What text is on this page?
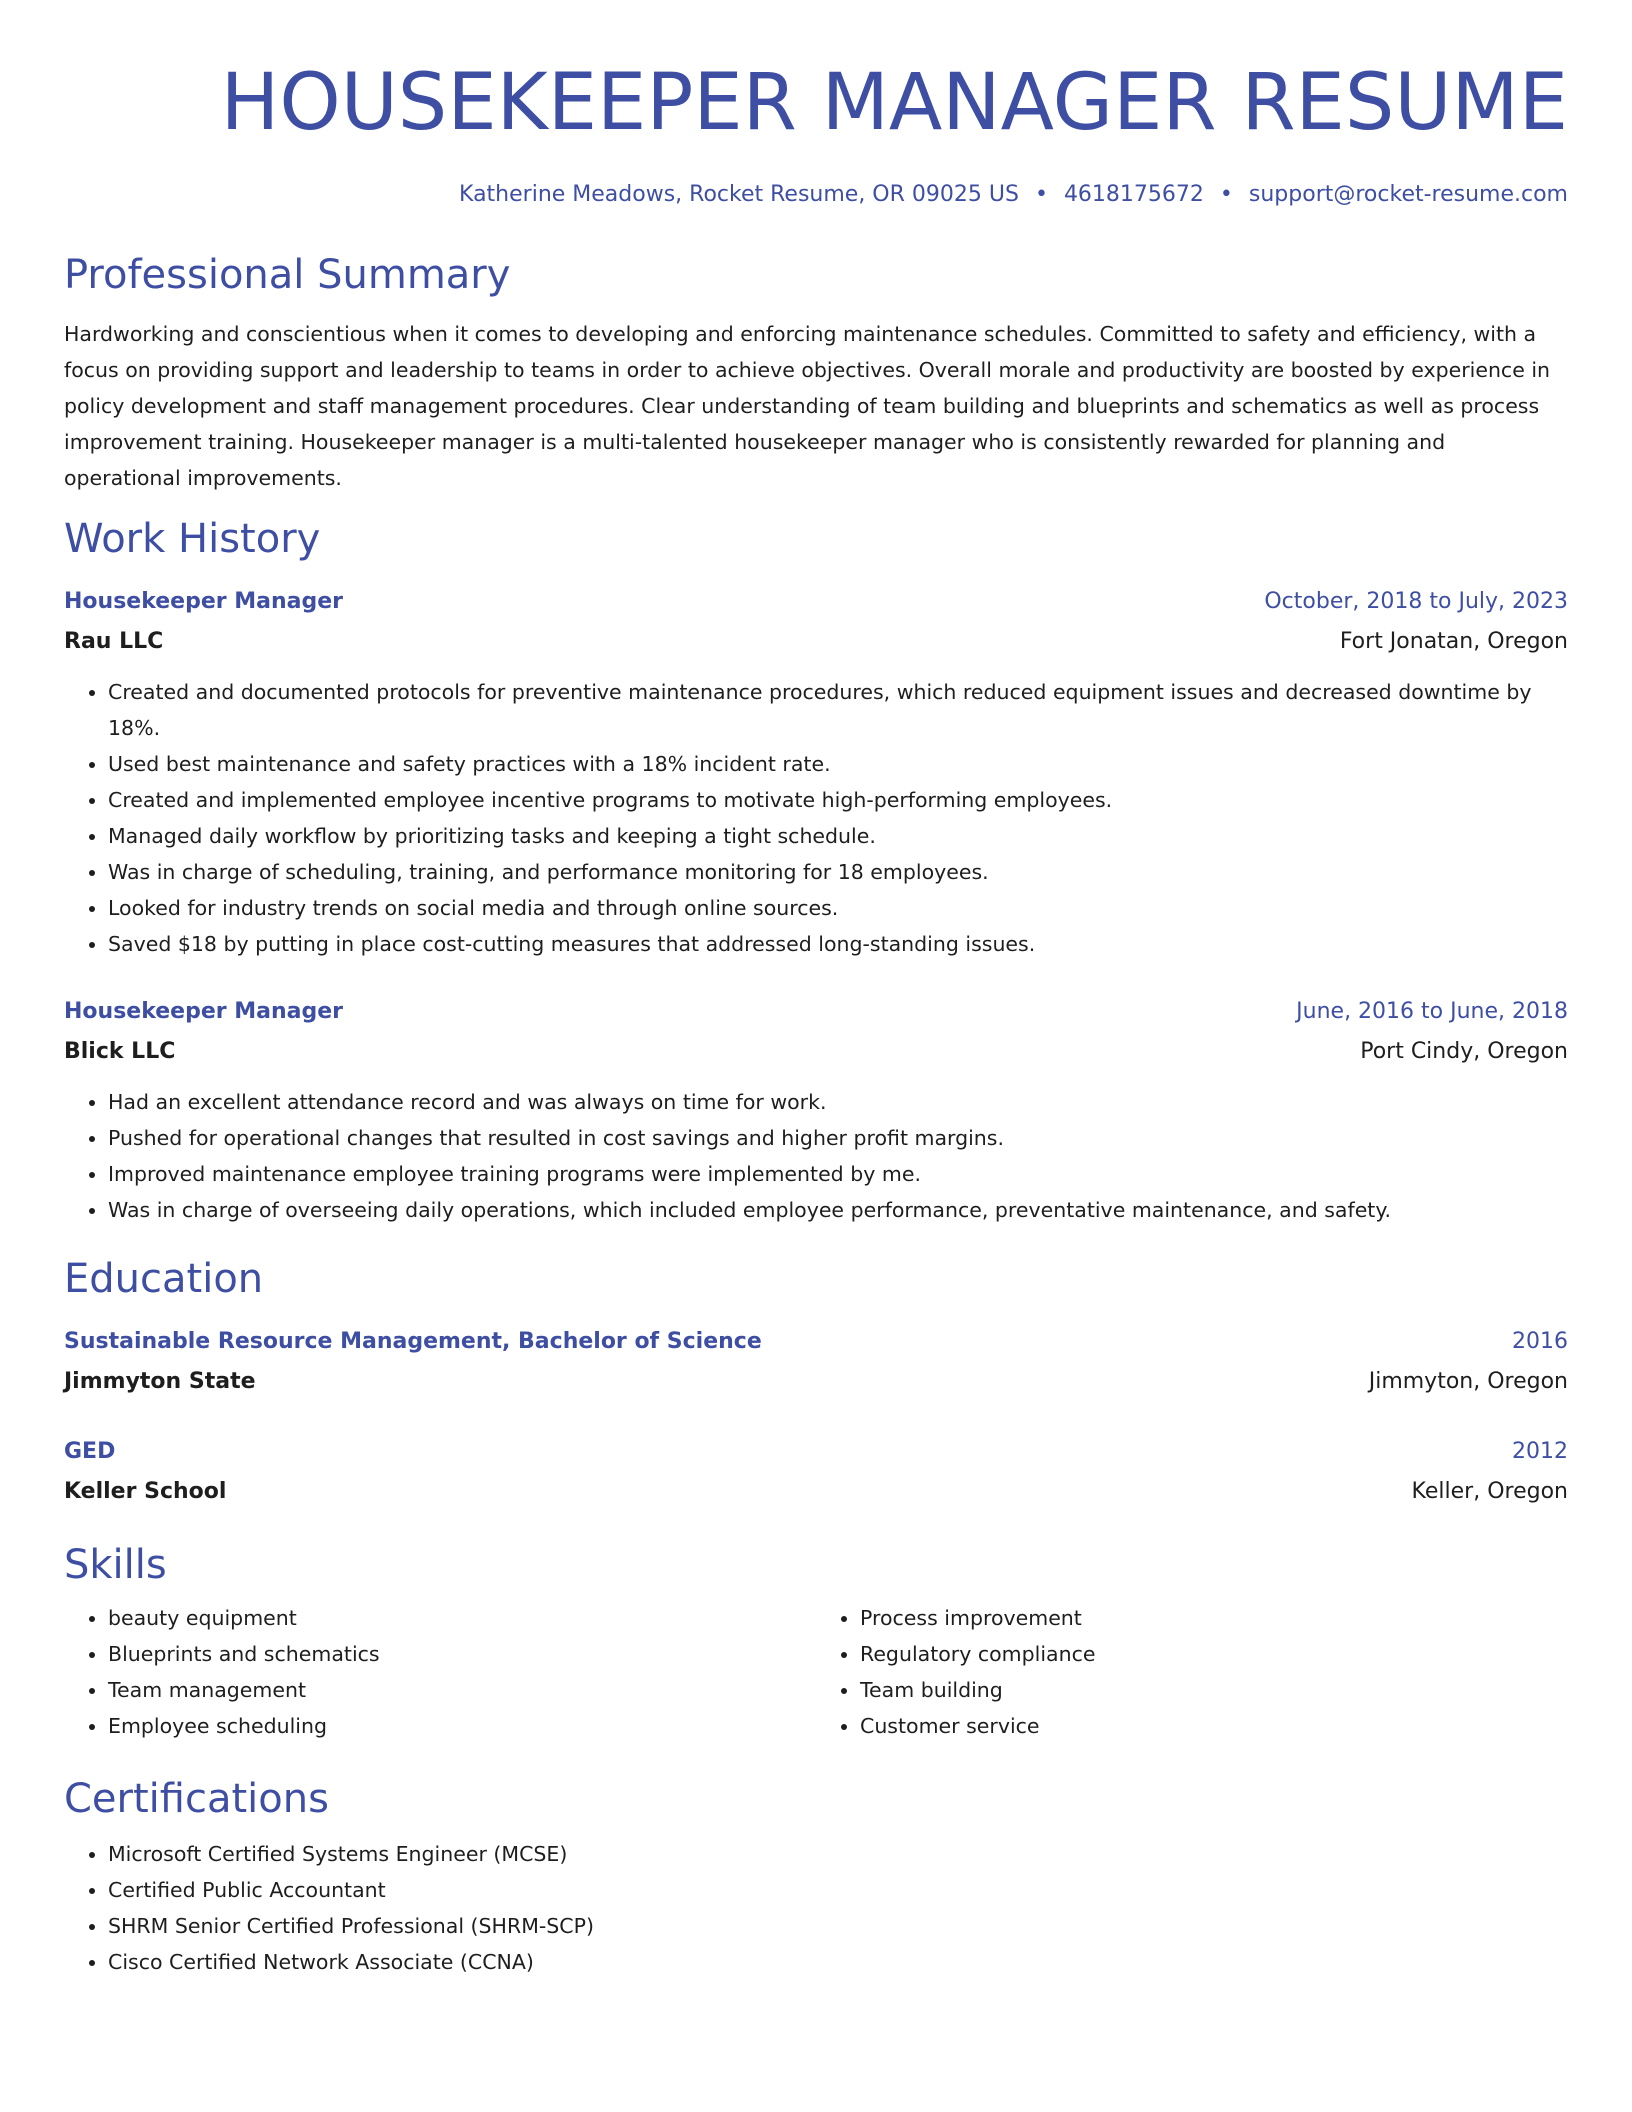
HOUSEKEEPER MANAGER RESUME
Katherine Meadows, Rocket Resume, OR 09025 US • 4618175672 • support@rocket-resume.com
Professional Summary
Hardworking and conscientious when it comes to developing and enforcing maintenance schedules. Committed to safety and efficiency, with a focus on providing support and leadership to teams in order to achieve objectives. Overall morale and productivity are boosted by experience in policy development and staff management procedures. Clear understanding of team building and blueprints and schematics as well as process improvement training. Housekeeper manager is a multi-talented housekeeper manager who is consistently rewarded for planning and operational improvements.
Work History
Housekeeper Manager	October, 2018 to July, 2023
Rau LLC	Fort Jonatan, Oregon
• Created and documented protocols for preventive maintenance procedures, which reduced equipment issues and decreased downtime by 18%.
• Used best maintenance and safety practices with a 18% incident rate.
• Created and implemented employee incentive programs to motivate high-performing employees.
• Managed daily workflow by prioritizing tasks and keeping a tight schedule.
• Was in charge of scheduling, training, and performance monitoring for 18 employees.
• Looked for industry trends on social media and through online sources.
• Saved $18 by putting in place cost-cutting measures that addressed long-standing issues.
Housekeeper Manager	June, 2016 to June, 2018
Blick LLC	Port Cindy, Oregon
• Had an excellent attendance record and was always on time for work.
• Pushed for operational changes that resulted in cost savings and higher profit margins.
• Improved maintenance employee training programs were implemented by me.
• Was in charge of overseeing daily operations, which included employee performance, preventative maintenance, and safety.
Education
Sustainable Resource Management, Bachelor of Science	2016
Jimmyton State	Jimmyton, Oregon
GED	2012
Keller School	Keller, Oregon
Skills
• beauty equipment
• Blueprints and schematics
• Team management
• Employee scheduling
• Process improvement
• Regulatory compliance
• Team building
• Customer service
Certifications
• Microsoft Certified Systems Engineer (MCSE)
• Certified Public Accountant
• SHRM Senior Certified Professional (SHRM-SCP)
• Cisco Certified Network Associate (CCNA)
